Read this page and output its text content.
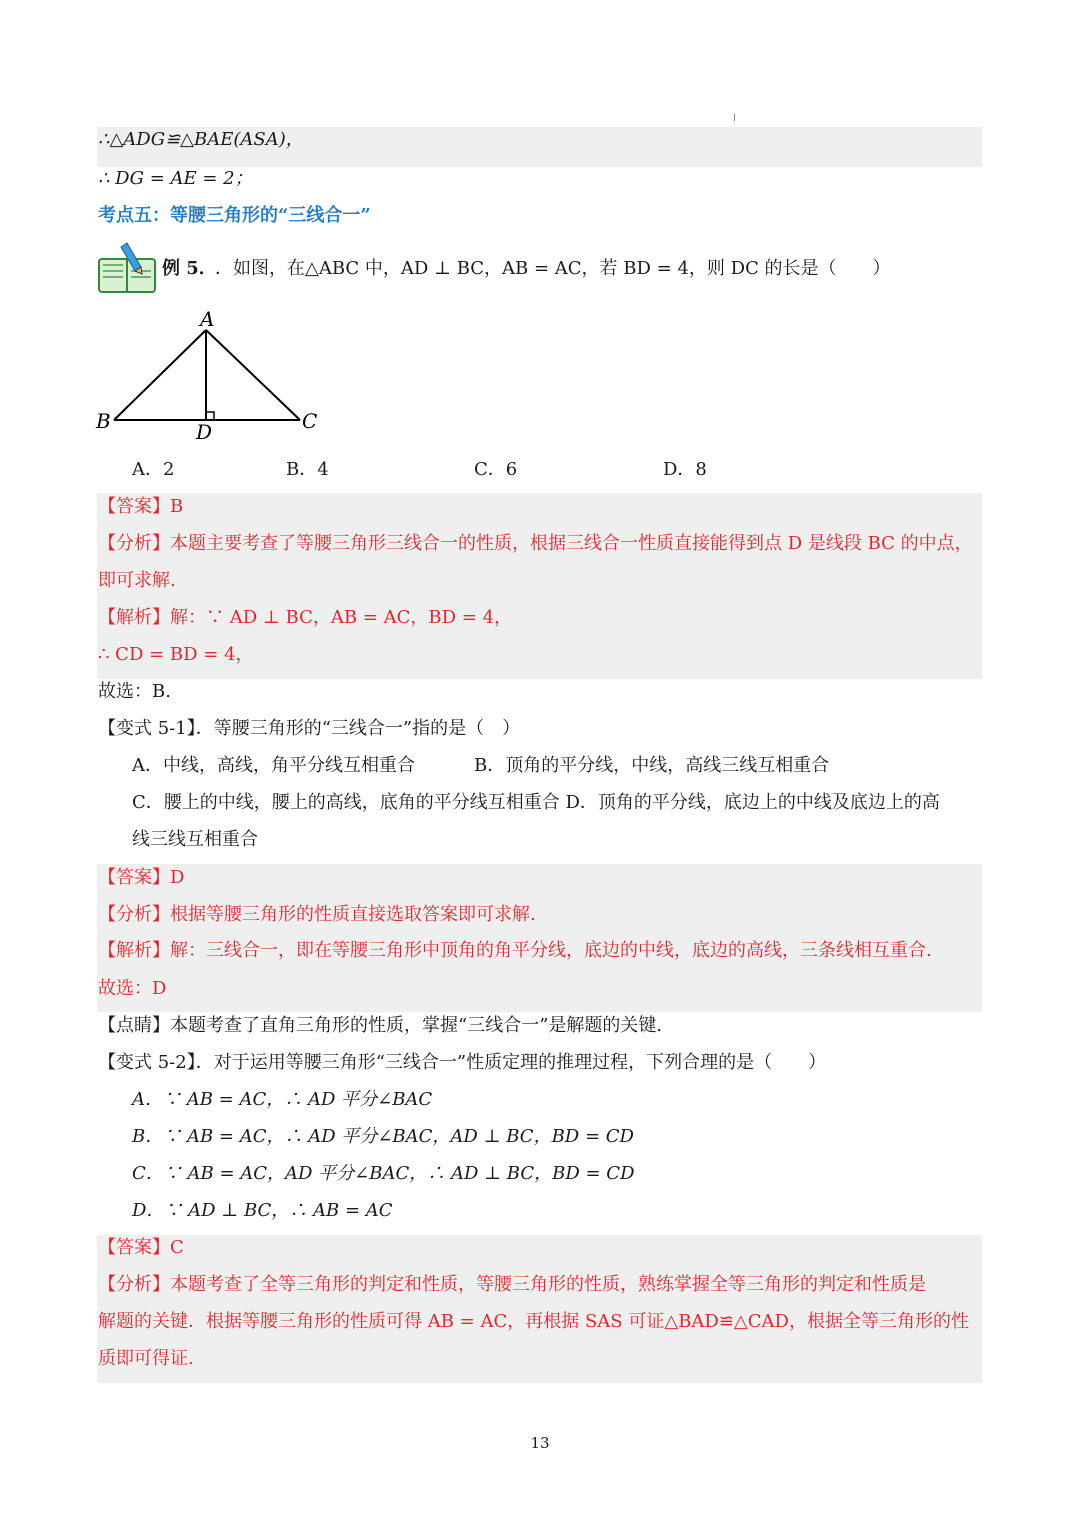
∴△ADG≌△BAE(ASA)，
∴ DG = AE = 2；
考点五：等腰三角形的“三线合一”
例 5．
．如图，在△ABC 中，AD ⊥ BC，AB = AC，若 BD = 4，则 DC 的长是（　　）
A
B	C
D
A．2	B．4	C．6	D．8
【答案】B
【分析】本题主要考查了等腰三角形三线合一的性质，根据三线合一性质直接能得到点 D 是线段 BC 的中点，
即可求解.
【解析】解：∵ AD ⊥ BC，AB = AC，BD = 4，
∴ CD = BD = 4，
故选：B.
【变式 5-1】．等腰三角形的“三线合一”指的是（　）
A．中线，高线，角平分线互相重合	B．顶角的平分线，中线，高线三线互相重合
C．腰上的中线，腰上的高线，底角的平分线互相重合 D．顶角的平分线，底边上的中线及底边上的高
线三线互相重合
【答案】D
【分析】根据等腰三角形的性质直接选取答案即可求解.
【解析】解：三线合一，即在等腰三角形中顶角的角平分线，底边的中线，底边的高线，三条线相互重合.
故选：D
【点睛】本题考查了直角三角形的性质，掌握“三线合一”是解题的关键.
【变式 5-2】．对于运用等腰三角形“三线合一”性质定理的推理过程，下列合理的是（　　）
A．∵ AB = AC，∴ AD 平分∠BAC
B．∵ AB = AC，∴ AD 平分∠BAC，AD ⊥ BC，BD = CD
C．∵ AB = AC，AD 平分∠BAC，∴ AD ⊥ BC，BD = CD
D．∵ AD ⊥ BC，∴ AB = AC
【答案】C
【分析】本题考查了全等三角形的判定和性质，等腰三角形的性质，熟练掌握全等三角形的判定和性质是
解题的关键．根据等腰三角形的性质可得 AB = AC，再根据 SAS 可证△BAD≌△CAD，根据全等三角形的性
质即可得证.
13
